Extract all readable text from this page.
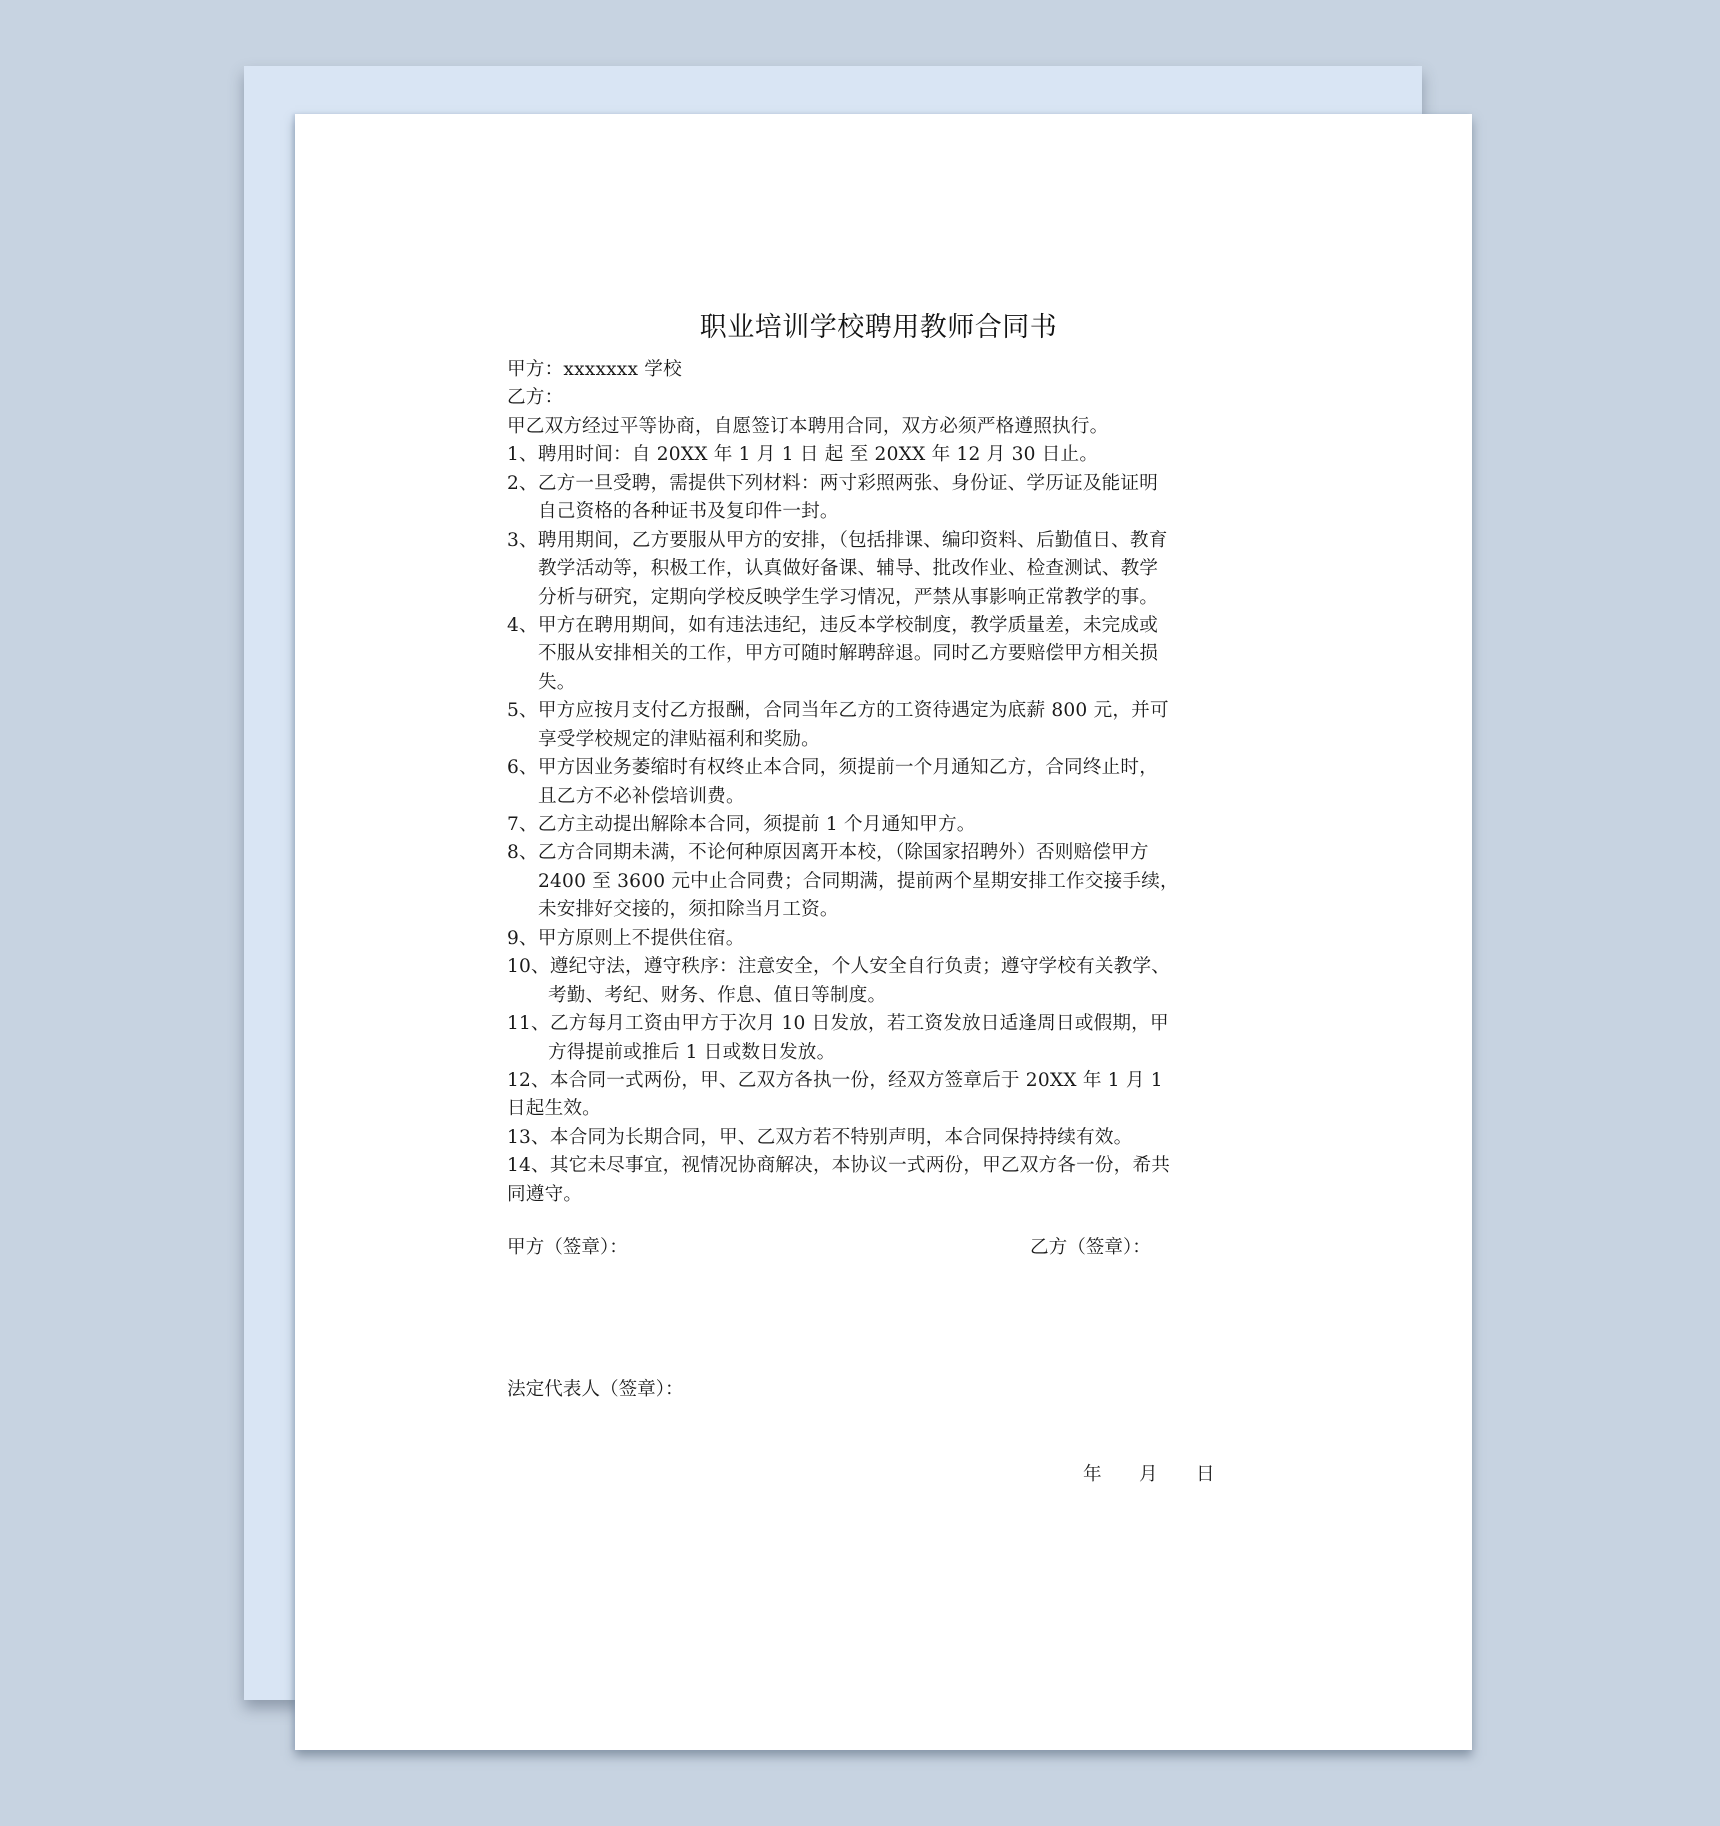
职业培训学校聘用教师合同书
甲方：xxxxxxx 学校
乙方：
甲乙双方经过平等协商，自愿签订本聘用合同，双方必须严格遵照执行。
1、聘用时间：自 20XX 年 1 月 1 日 起 至 20XX 年 12 月 30 日止。
2、乙方一旦受聘，需提供下列材料：两寸彩照两张、身份证、学历证及能证明
自己资格的各种证书及复印件一封。
3、聘用期间，乙方要服从甲方的安排，（包括排课、编印资料、后勤值日、教育
教学活动等，积极工作，认真做好备课、辅导、批改作业、检查测试、教学
分析与研究，定期向学校反映学生学习情况，严禁从事影响正常教学的事。
4、甲方在聘用期间，如有违法违纪，违反本学校制度，教学质量差，未完成或
不服从安排相关的工作，甲方可随时解聘辞退。同时乙方要赔偿甲方相关损
失。
5、甲方应按月支付乙方报酬，合同当年乙方的工资待遇定为底薪 800 元，并可
享受学校规定的津贴福利和奖励。
6、甲方因业务萎缩时有权终止本合同，须提前一个月通知乙方，合同终止时，
且乙方不必补偿培训费。
7、乙方主动提出解除本合同，须提前 1 个月通知甲方。
8、乙方合同期未满，不论何种原因离开本校，（除国家招聘外）否则赔偿甲方
2400 至 3600 元中止合同费；合同期满，提前两个星期安排工作交接手续，
未安排好交接的，须扣除当月工资。
9、甲方原则上不提供住宿。
10、遵纪守法，遵守秩序：注意安全，个人安全自行负责；遵守学校有关教学、
考勤、考纪、财务、作息、值日等制度。
11、乙方每月工资由甲方于次月 10 日发放，若工资发放日适逢周日或假期，甲
方得提前或推后 1 日或数日发放。
12、本合同一式两份，甲、乙双方各执一份，经双方签章后于 20XX 年 1 月 1
日起生效。
13、本合同为长期合同，甲、乙双方若不特别声明，本合同保持持续有效。
14、其它未尽事宜，视情况协商解决，本协议一式两份，甲乙双方各一份，希共
同遵守。
甲方（签章）：	乙方（签章）：
法定代表人（签章）：
年 月 日
